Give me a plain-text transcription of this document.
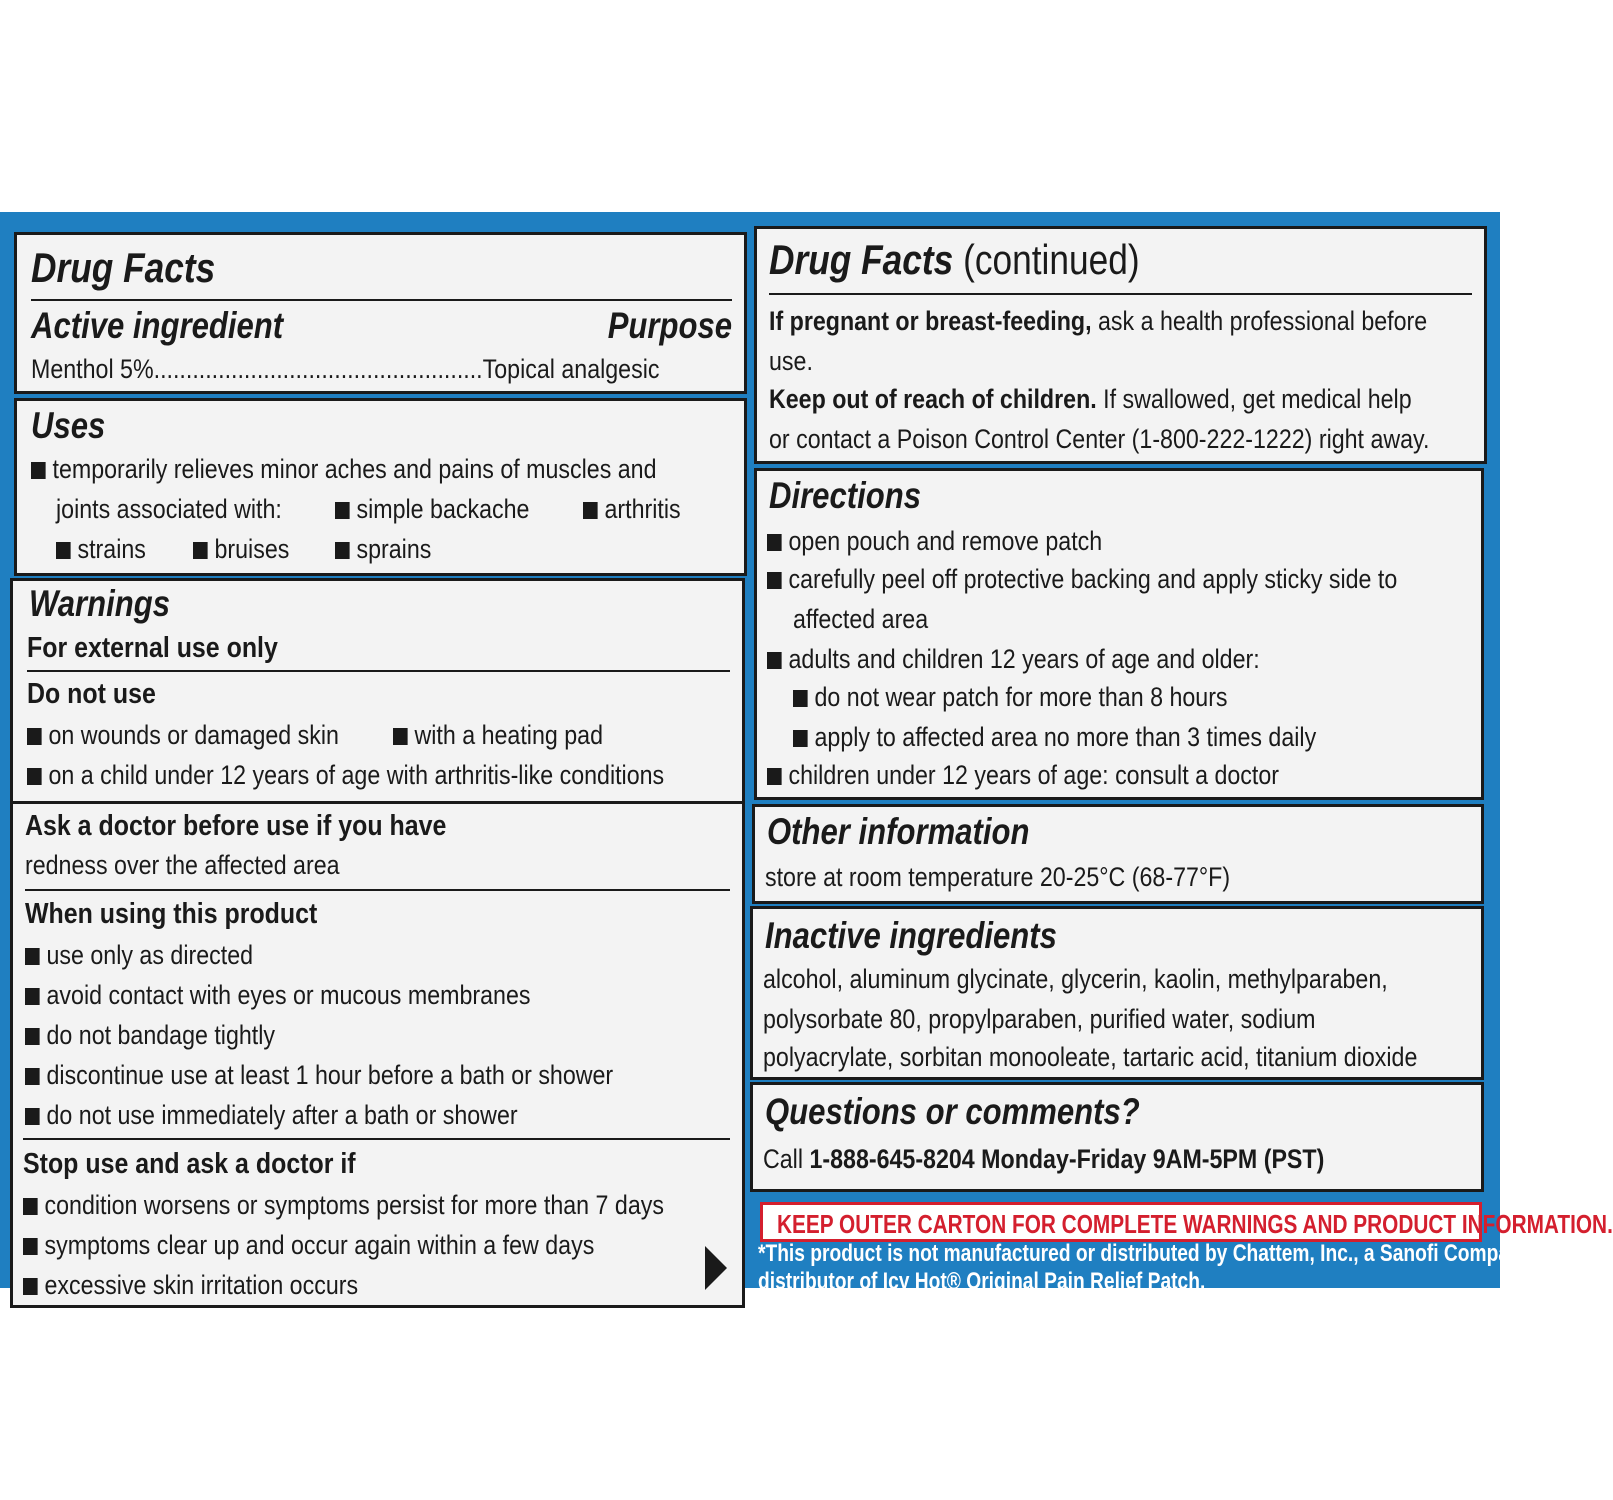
Drug Facts
Active ingredient	Purpose
Menthol 5%...................................................Topical analgesic
Uses
temporarily relieves minor aches and pains of muscles and
joints associated with:	simple backache	arthritis
strains	bruises	sprains
Warnings
For external use only
Do not use
on wounds or damaged skin	with a heating pad
on a child under 12 years of age with arthritis-like conditions
Ask a doctor before use if you have
redness over the affected area
When using this product
use only as directed
avoid contact with eyes or mucous membranes
do not bandage tightly
discontinue use at least 1 hour before a bath or shower
do not use immediately after a bath or shower
Stop use and ask a doctor if
condition worsens or symptoms persist for more than 7 days
symptoms clear up and occur again within a few days
excessive skin irritation occurs
Drug Facts (continued)
If pregnant or breast-feeding, ask a health professional before
use.
Keep out of reach of children. If swallowed, get medical help
or contact a Poison Control Center (1-800-222-1222) right away.
Directions
open pouch and remove patch
carefully peel off protective backing and apply sticky side to
affected area
adults and children 12 years of age and older:
do not wear patch for more than 8 hours
apply to affected area no more than 3 times daily
children under 12 years of age: consult a doctor
Other information
store at room temperature 20-25°C (68-77°F)
Inactive ingredients
alcohol, aluminum glycinate, glycerin, kaolin, methylparaben,
polysorbate 80, propylparaben, purified water, sodium
polyacrylate, sorbitan monooleate, tartaric acid, titanium dioxide
Questions or comments?
Call 1-888-645-8204 Monday-Friday 9AM-5PM (PST)
KEEP OUTER CARTON FOR COMPLETE WARNINGS AND PRODUCT INFORMATION.
*This product is not manufactured or distributed by Chattem, Inc., a Sanofi Company,
distributor of Icy Hot® Original Pain Relief Patch.
